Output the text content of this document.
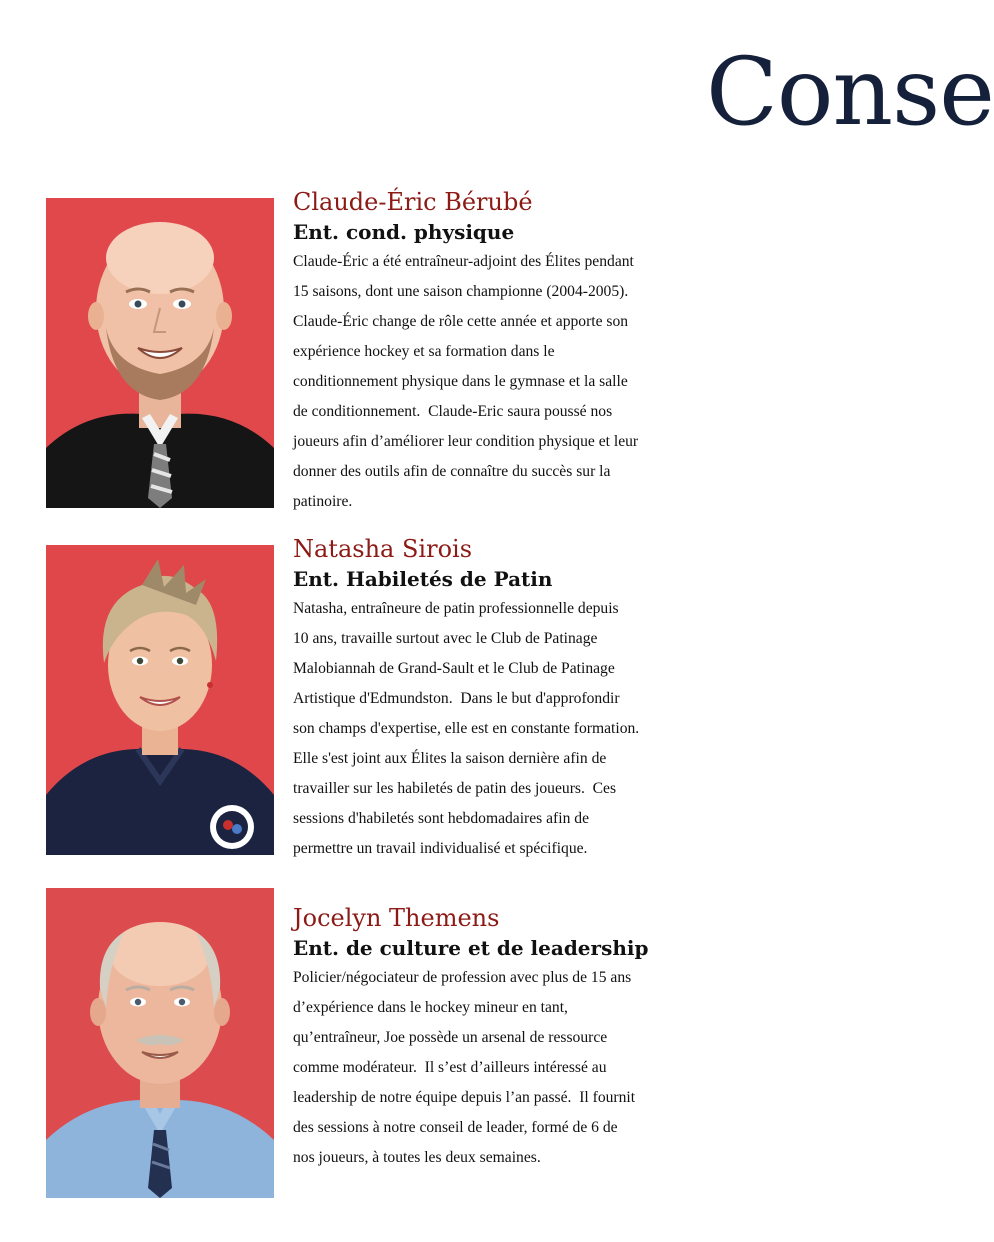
Conse
Claude-Éric Bérubé
Ent. cond. physique
Claude-Éric a été entraîneur-adjoint des Élites pendant
15 saisons, dont une saison championne (2004-2005).
Claude-Éric change de rôle cette année et apporte son
expérience hockey et sa formation dans le
conditionnement physique dans le gymnase et la salle
de conditionnement.  Claude-Eric saura poussé nos
joueurs afin d’améliorer leur condition physique et leur
donner des outils afin de connaître du succès sur la
patinoire.
Natasha Sirois
Ent. Habiletés de Patin
Natasha, entraîneure de patin professionnelle depuis
10 ans, travaille surtout avec le Club de Patinage
Malobiannah de Grand-Sault et le Club de Patinage
Artistique d'Edmundston.  Dans le but d'approfondir
son champs d'expertise, elle est en constante formation.
Elle s'est joint aux Élites la saison dernière afin de
travailler sur les habiletés de patin des joueurs.  Ces
sessions d'habiletés sont hebdomadaires afin de
permettre un travail individualisé et spécifique.
Jocelyn Themens
Ent. de culture et de leadership
Policier/négociateur de profession avec plus de 15 ans
d’expérience dans le hockey mineur en tant,
qu’entraîneur, Joe possède un arsenal de ressource
comme modérateur.  Il s’est d’ailleurs intéressé au
leadership de notre équipe depuis l’an passé.  Il fournit
des sessions à notre conseil de leader, formé de 6 de
nos joueurs, à toutes les deux semaines.
